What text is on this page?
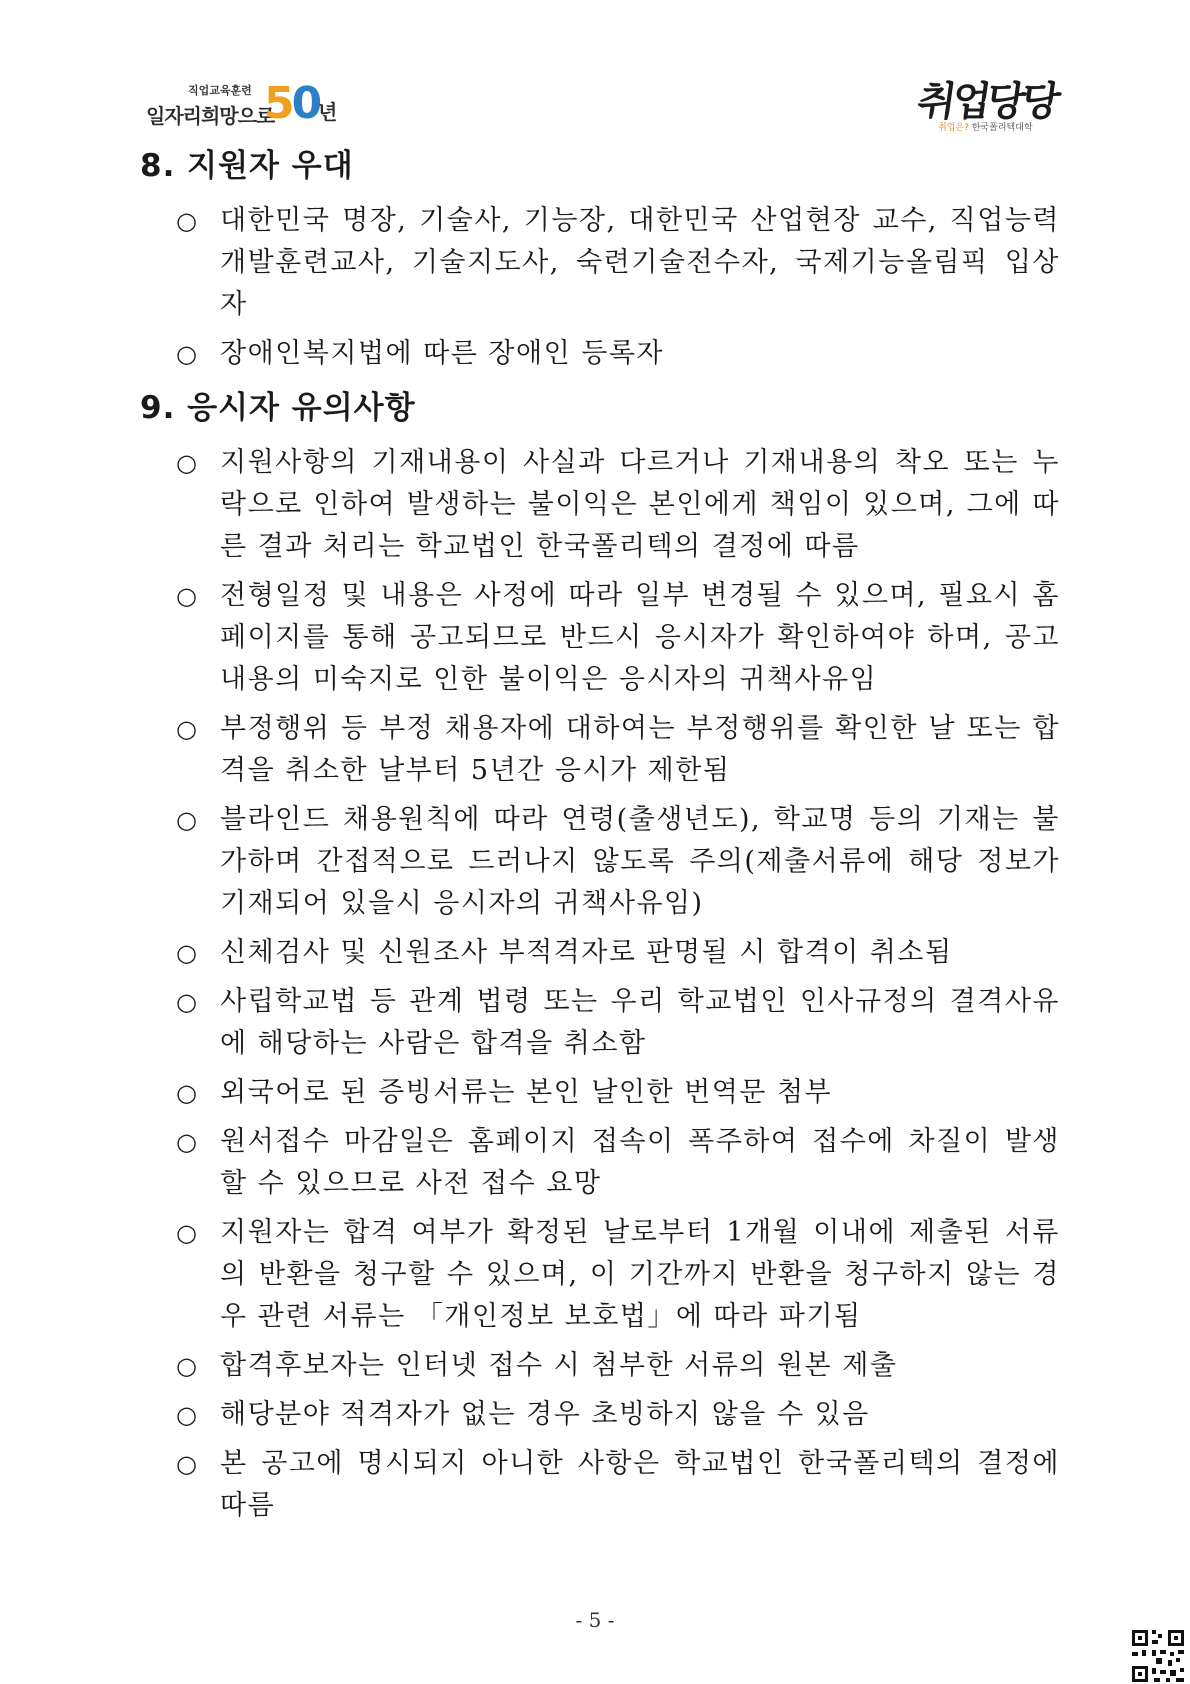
직업교육훈련
일자리희망으로
50
년	취업당당
취업은? 한국폴리텍대학
8. 지원자 우대
○ 대한민국 명장, 기술사, 기능장, 대한민국 산업현장 교수, 직업능력개발훈련교사, 기술지도사, 숙련기술전수자, 국제기능올림픽 입상자
○ 장애인복지법에 따른 장애인 등록자
9. 응시자 유의사항
○ 지원사항의 기재내용이 사실과 다르거나 기재내용의 착오 또는 누락으로 인하여 발생하는 불이익은 본인에게 책임이 있으며, 그에 따른 결과 처리는 학교법인 한국폴리텍의 결정에 따름
○ 전형일정 및 내용은 사정에 따라 일부 변경될 수 있으며, 필요시 홈페이지를 통해 공고되므로 반드시 응시자가 확인하여야 하며, 공고 내용의 미숙지로 인한 불이익은 응시자의 귀책사유임
○ 부정행위 등 부정 채용자에 대하여는 부정행위를 확인한 날 또는 합격을 취소한 날부터 5년간 응시가 제한됨
○ 블라인드 채용원칙에 따라 연령(출생년도), 학교명 등의 기재는 불가하며 간접적으로 드러나지 않도록 주의(제출서류에 해당 정보가 기재되어 있을시 응시자의 귀책사유임)
○ 신체검사 및 신원조사 부적격자로 판명될 시 합격이 취소됨
○ 사립학교법 등 관계 법령 또는 우리 학교법인 인사규정의 결격사유에 해당하는 사람은 합격을 취소함
○ 외국어로 된 증빙서류는 본인 날인한 번역문 첨부
○ 원서접수 마감일은 홈페이지 접속이 폭주하여 접수에 차질이 발생할 수 있으므로 사전 접수 요망
○ 지원자는 합격 여부가 확정된 날로부터 1개월 이내에 제출된 서류의 반환을 청구할 수 있으며, 이 기간까지 반환을 청구하지 않는 경우 관련 서류는 「개인정보 보호법」에 따라 파기됨
○ 합격후보자는 인터넷 접수 시 첨부한 서류의 원본 제출
○ 해당분야 적격자가 없는 경우 초빙하지 않을 수 있음
○ 본 공고에 명시되지 아니한 사항은 학교법인 한국폴리텍의 결정에 따름
- 5 -
